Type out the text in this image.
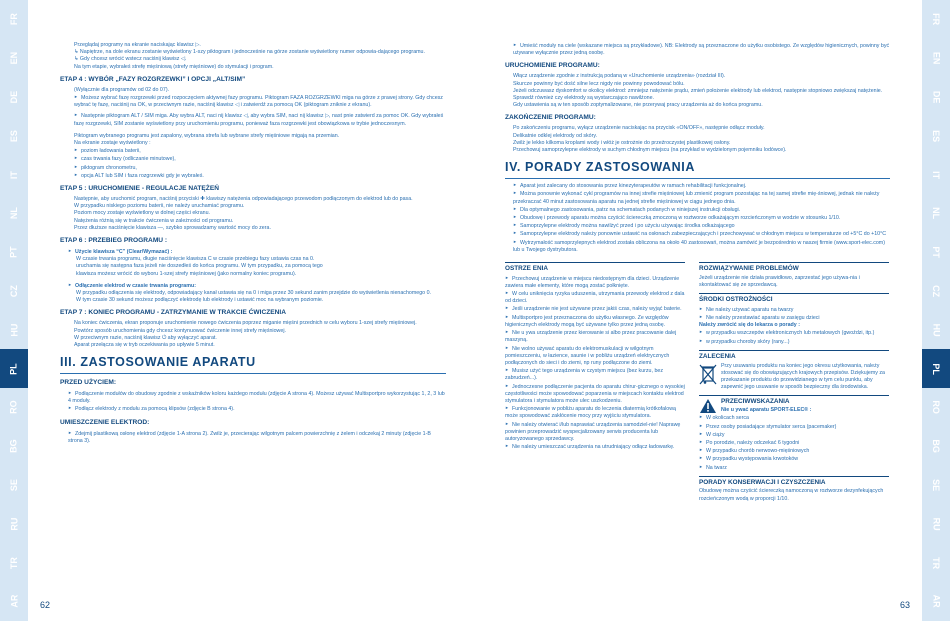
FR
EN
DE
ES
IT
NL
PT
CZ
HU
PL
RO
BG
SE
RU
TR
AR
FR
EN
DE
ES
IT
NL
PT
CZ
HU
PL
RO
BG
SE
RU
TR
AR
62	63

Przeglądaj programy na ekranie naciskając klawisz ▷.

↳ Napiętrze, na dole ekranu zostanie wyświetlony 1-szy piktogram i jednocześnie na górze zostanie wyświetlony numer odpowia-dającego programu.

↳ Gdy chcesz wrócić wstecz naciśnij klawisz ◁.

Na tym etapie, wybrałeś strefę mięśniową (strefy mięśniowe) do stymulacji i program.

ETAP 4 : WYBÓR „FAZY ROZGRZEWKI” I OPCJI „ALT/SIM”

(Wyłącznie dla programów od 02 do 07).

► Możesz wybrać fazę rozgrzewki przed rozpoczęciem aktywnej fazy programu. Piktogram FAZA ROZGRZEWKI miga na górze z prawej strony. Gdy chcesz wybrać tę fazę, naciśnij na OK, w przeciwnym razie, naciśnij klawisz ◁ i zatwierdź za pomocą OK (piktogram zniknie z ekranu).

► Następnie piktogram ALT / SIM miga. Aby wybra ALT, naci nij klawisz ◁, aby wybra SIM, naci nij klawisz ▷, nast pnie zatwierd za pomoc OK. Gdy wybrałeś fazę rozgrzewki, SIM zostanie wyświetlony przy uruchomieniu programu, ponieważ faza rozgrzewki jest obowiązkowa w trybie jednoczesnym.

Piktogram wybranego programu jest zapalony, wybrana strefa lub wybrane strefy mięśniowe migają na przemian.

Na ekranie zostaje wyświetlony :

► poziom ładowania baterii,

► czas trwania fazy (odliczanie minutowe),

► piktogram chronometru,

► opcja ALT lub SIM i faza rozgrzewki gdy je wybrałeś.

ETAP 5 : URUCHOMIENIE - REGULACJE NATĘŻEŃ

Następnie, aby uruchomić program, naciśnij przyciski ✚ klawiszy natężenia odpowiadającego przewodom podłączonym do elektrod lub do pasa.

W przypadku niskiego poziomu baterii, nie należy uruchamiać programu.

Poziom mocy zostaje wyświetlony w dolnej części ekranu.

Natężenia różnią się w trakcie ćwiczenia w zależności od programu.

Przez dłuższe naciśnięcie klawisza —, szybko sprowadzamy wartość mocy do zera.

ETAP 6 : PRZEBIEG PROGRAMU :

► Użycie klawisza “C” (Clear/Wymazać) :

W czasie trwania programu, długie naciśnięcie klawisza C w czasie przebiegu fazy ustawia czas na 0.

uruchamia się następna faza jeżeli nie doszedłeś do końca programu. W tym przypadku, za pomocą tego

klawisza możesz wrócić do wyboru 1-szej strefy mięśniowej (jako normalny koniec programu).

► Odłączenie elektrod w czasie trwania programu:

W przypadku odłączenia się elektrody, odpowiadający kanał ustawia się na 0 i miga przez 30 sekund zanim przejdzie do wyświetlenia nienachomego 0.

W tym czasie 30 sekund możesz podłączyć elektrodę lub elektrody i ustawić moc na wybranym poziomie.

ETAP 7 : KONIEC PROGRAMU - ZATRZYMANIE W TRAKCIE ĆWICZENIA

Na koniec ćwiczenia, ekran proponuje uruchomienie nowego ćwiczenia poprzez miganie mięśni przednich w celu wyboru 1-szej strefy mięśniowej.

Powtórz sposób uruchomienia gdy chcesz kontynuować ćwiczenie innej strefy mięśniowej.

W przeciwnym razie, naciśnij klawisz ⏻ aby wyłączyć aparat.

Aparat przełącza się w tryb oczekiwania po upływie 5 minut.

III. ZASTOSOWANIE APARATU

PRZED UŻYCIEM:

► Podłączenie modułów do obudowy zgodnie z wskaźników koloru każdego modułu (zdjęcie A strona 4). Możesz używać Multisportpro wykorzystując 1, 2, 3 lub 4 moduły.

► Podłącz elektrody z modułu za pomocą klipsów (zdjęcie B strona 4).

UMIESZCZENIE ELEKTROD:

► Zdejmij plastikową osłonę elektrod (zdjęcie 1-A strona 2). Zwilż je, przecierając wilgotnym palcem powierzchnię z żelem i odczekaj 2 minuty (zdjęcie 1-B strona 3).

► Umieść moduły na ciele (wskazane miejsca są przykładowe). NB: Elektrody są przeznaczone do użytku osobistego. Ze względów higienicznych, powinny być używane wyłącznie przez jedną osobę.

URUCHOMIENIE PROGRAMU:

Włącz urządzenie zgodnie z instrukcją podaną w «Uruchomienie urządzenia» (rozdział III).

Skurcze powinny być dość silne lecz nigdy nie powinny powodować bólu.

Jeżeli odczuwasz dyskomfort w okolicy elektrod: zmniejsz natężenie prądu, zmień położenie elektrody lub elektrod, następnie stopniowo zwiększaj natężenie. Sprawdź również czy elektrody są wystarczająco nawilżone.

Gdy ustawienia są w ten sposób zoptymalizowane, nie przerywaj pracy urządzenia aż do końca programu.

ZAKOŃCZENIE PROGRAMU:

Po zakończeniu programu, wyłącz urządzenie naciskając na przycisk «ON/OFF», następnie odłącz moduły.

Delikatnie odklej elektrody od skóry.

Zwilż je lekko kilkoma kroplami wody i włóż je ostrożnie do przeźroczystej plastikowej osłony.

Przechowuj samoprzylepne elektrody w suchym chłodnym miejscu (na przykład w wydzielonym pojemniku lodówce).

IV. PORADY ZASTOSOWANIA

► Aparat jest zalecany do stosowania przez kinezyterapeutów w ramach rehabilitacji funkcjonalnej.

► Można ponownie wykonać cykl programów na innej strefie mięśniowej lub zmienić program pozostając na tej samej strefie mię-śniowej, jednak nie należy przekraczać 40 minut zastosowania aparatu na jednej strefie mięśniowej w ciągu jednego dnia.

► Dla optymalnego zastosowania, patrz na schematach podanych w niniejszej instrukcji obsługi.

► Obudowę i przewody aparatu można czyścić ściereczką zmoczoną w roztworze odkażającym rozcieńczonym w wodzie w stosunku 1/10.

► Samoprzylepne elektrody można nawilżyć przed i po użyciu używając środka odkażającego

► Samoprzylepne elektrody należy ponownie ustawić na osłonach zabezpieczających i przechowywać w chłodnym miejscu w temperaturze od +5°C do +10°C

► Wytrzymałość samoprzylepnych elektrod została obliczona na około 40 zastosowań, można zamówić je bezpośrednio w naszej firmie (www.sport-elec.com) lub u Twojego dystrybutora.

OSTRZE ENIA

► Przechowuj urządzenie w miejscu niedostępnym dla dzieci. Urządzenie zawiera małe elementy, które mogą zostać połknięte.

► W celu uniknięcia ryzyka uduszenia, utrzymania przewody elektrod z dala od dzieci.

► Jeśli urządzenie nie jest używane przez jakiś czas, należy wyjąć baterie.

► Multisportpro jest przeznaczona do użytku własnego. Ze względów higienicznych elektrody mogą być używane tylko przez jedną osobę.

► Nie u ywa urządzenie przez kierowanie si albo przez pracowanie dalej maszyną.

► Nie wolno używać aparatu do elektromuskulacji w wilgotnym pomieszczeniu, w łazience, saunie i w pobliżu urządzeń elektrycznych podłączonych do sieci i do ziemi, np runy podłączone do ziemi.

► Musisz użyć tego urządzenia w czystym miejscu (bez kurzu, bez zabrudzeń...).

► Jednoczesne podłączenie pacjenta do aparatu chirur-gicznego o wysokiej częstotliwości może spowodować poparzenia w miejscach kontaktu elektrod stymulatora i stymulatora może ulec uszkodzeniu.

► Funkcjonowanie w pobliżu aparatu do leczenia diatermią krótkofalową może spowodować zakłócenie mocy przy wyjściu stymulatora.

► Nie należy otwierać i/lub naprawiać urządzenia samodziel-nie! Naprawę powinien przeprowadzić wyspecjalizowany serwis producenta lub autoryzowanego sprzedawcy.

► Nie należy umieszczać urządzenia na utrudniający odłącz ładowarkę.

ROZWIĄZYWANIE PROBLEMÓW

Jeżeli urządzenie nie działa prawidłowo, zaprzestać jego używa-nia i skontaktować się ze sprzedawcą.

ŚRODKI OSTROŻNOŚCI

► Nie należy używać aparatu na twarzy

► Nie należy przestawiać aparatu w zasięgu dzieci

Należy zwrócić się do lekarza o porady :

► w przypadku wszczepów elektronicznych lub metalowych (gwoździ, itp.)

► w przypadku choroby skóry (rany...)

ZALECENIA

Przy usuwaniu produktu na koniec jego okresu użytkowania, należy stosować się do obowiązujących krajowych przepisów. Dziękujemy za przekazanie produktu do przewidzianego w tym celu punktu, aby zapewnić jego usuwanie w sposób bezpieczny dla środowiska.

PRZECIWWSKAZANIA

Nie u ywać aparatu SPORT-ELEC® :

► W okolicach serca

► Przez osoby posiadające stymulator serca (pacemaker)

► W ciąży

► Po porodzie, należy odczekać 6 tygodni

► W przypadku chorób nerwowo-mięśniowych

► W przypadku występowania krwotoków

► Na twarz

PORADY KONSERWACJI I CZYSZCZENIA

Obudowę można czyścić ściereczką namoczoną w roztworze dezynfekujących rozcieńczonym wodą w proporcji 1/10.
